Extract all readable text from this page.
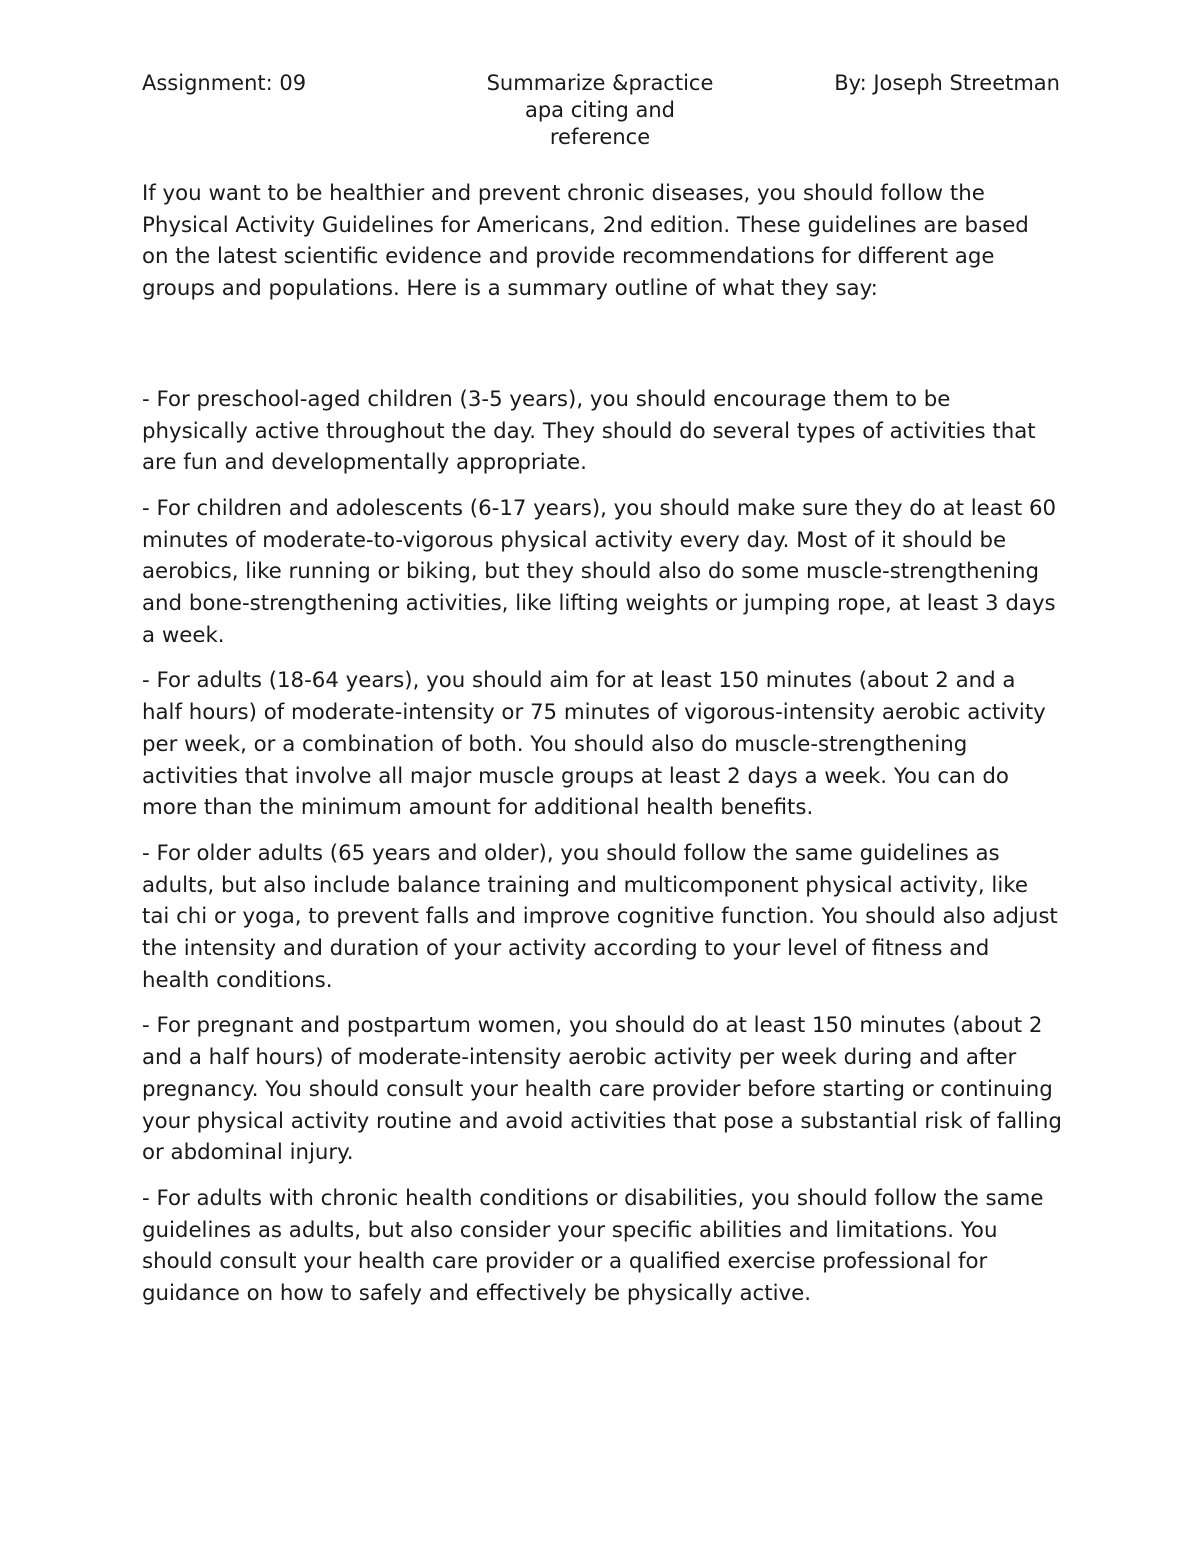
Assignment: 09	Summarize &practice
apa citing and
reference
By: Joseph Streetman

If you want to be healthier and prevent chronic diseases, you should follow the Physical Activity Guidelines for Americans, 2nd edition. These guidelines are based on the latest scientific evidence and provide recommendations for different age groups and populations. Here is a summary outline of what they say:

- For preschool-aged children (3-5 years), you should encourage them to be physically active throughout the day. They should do several types of activities that are fun and developmentally appropriate.

- For children and adolescents (6-17 years), you should make sure they do at least 60 minutes of moderate-to-vigorous physical activity every day. Most of it should be aerobics, like running or biking, but they should also do some muscle-strengthening and bone-strengthening activities, like lifting weights or jumping rope, at least 3 days a week.

- For adults (18-64 years), you should aim for at least 150 minutes (about 2 and a half hours) of moderate-intensity or 75 minutes of vigorous-intensity aerobic activity per week, or a combination of both. You should also do muscle-strengthening activities that involve all major muscle groups at least 2 days a week. You can do more than the minimum amount for additional health benefits.

- For older adults (65 years and older), you should follow the same guidelines as adults, but also include balance training and multicomponent physical activity, like tai chi or yoga, to prevent falls and improve cognitive function. You should also adjust the intensity and duration of your activity according to your level of fitness and health conditions.

- For pregnant and postpartum women, you should do at least 150 minutes (about 2 and a half hours) of moderate-intensity aerobic activity per week during and after pregnancy. You should consult your health care provider before starting or continuing your physical activity routine and avoid activities that pose a substantial risk of falling or abdominal injury.

- For adults with chronic health conditions or disabilities, you should follow the same guidelines as adults, but also consider your specific abilities and limitations. You should consult your health care provider or a qualified exercise professional for guidance on how to safely and effectively be physically active.
